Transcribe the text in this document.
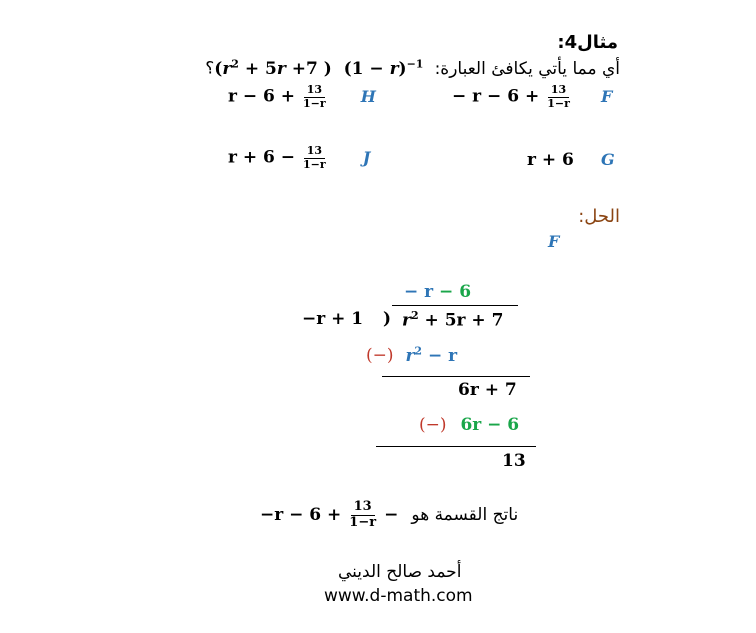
مثال4:
$؟(r^2 + 5r +7$ )  $(1 - r)^{-1}$ أي مما يأتي يكافئ العبارة:
− $r - 6 + \frac{13}{1-r}$ F
$r - 6 + \frac{13}{1-r}$ H
r + 6 G
$r + 6 - \frac{13}{1-r}$ J
الحل:
F
− r − 6
−r + 1 ) $r^2 + 5r + 7$
(−) $r^2 - r$
6r + 7
(−) 6r − 6
13
$-r - 6 + \frac{13}{1-r}$ − ناتج القسمة هو
أحمد صالح الديني
www.d-math.com
